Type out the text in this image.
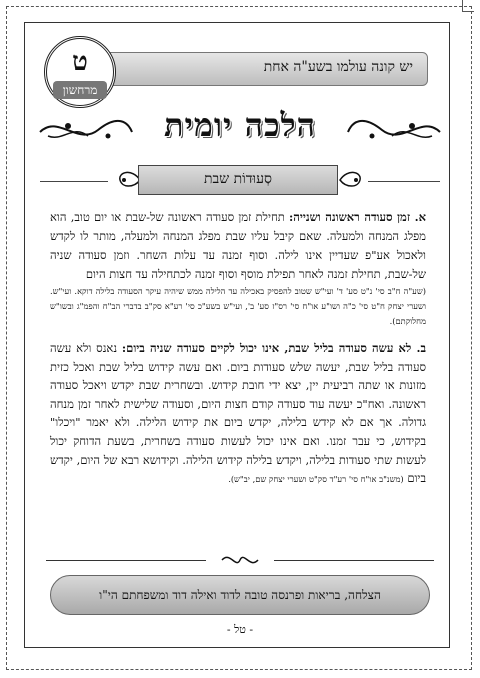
יש קונה עולמו בשע"ה אחת
ט
מרחשון
הלכה יומית
סְעוּדוֹת שבת

א. זמן סעודה ראשונה ושנייה: תחילת זמן סעודה ראשונה של-שבת או יום טוב, הוא מפלג המנחה ולמעלה. שאם קיבל עליו שבת מפלג המנחה ולמעלה, מותר לו לקדש ולאכול אע"פ שעדיין אינו לילה. וסוף זמנה עד עלות השחר. וזמן סעודה שניה של-שבת, תחילת זמנה לאחר תפילת מוסף וסוף זמנה לכתחילה עד חצות היום
(שע"ה ח"ב סי' נ"ט סע' ד' ועי"ש שטוב להפסיק באכילה עד הלילה ממש שיהיה עיקר הסעודה בלילה דוקא. ועי"ש. ושערי יצחק ח"ט סי' כ"ה ושו"ע או"ח סי' רס"ז סע' ב', ועי"ש בשע"כ סי' רע"א סק"ב בדברי הב"ח והפמ"ג ובשו"ש מחלוקתם).

ב. לא עשה סעודה בליל שבת, אינו יכול לקיים סעודה שניה ביום: נאנס ולא עשה סעודה בליל שבת, יעשה שלש סעודות ביום. ואם עשה קידוש בליל שבת ואכל כזית מזונות או שתה רביעית יין, יצא ידי חובת קידוש. ובשחרית שבת יקדש ויאכל סעודה ראשונה. ואח"כ יעשה עוד סעודה קודם חצות היום, וסעודה שלישית לאחר זמן מנחה גדולה. אך אם לא קידש בלילה, יקדש ביום את קידוש הלילה. ולא יאמר "ויכלו" בקידוש, כי עבר זמנו. ואם אינו יכול לעשות סעודה בשחרית, בשעת הדוחק יכול לעשות שתי סעודות בלילה, ויקדש בלילה קידוש הלילה. וקידושא רבא של היום, יקדש ביום (משנ"ב או"ח סי' רע"ד סק"ט ושערי יצחק שם, יב"ש).

הצלחה, בריאות ופרנסה טובה לדוד ואילה דוד ומשפחתם הי"ו
- טל -
